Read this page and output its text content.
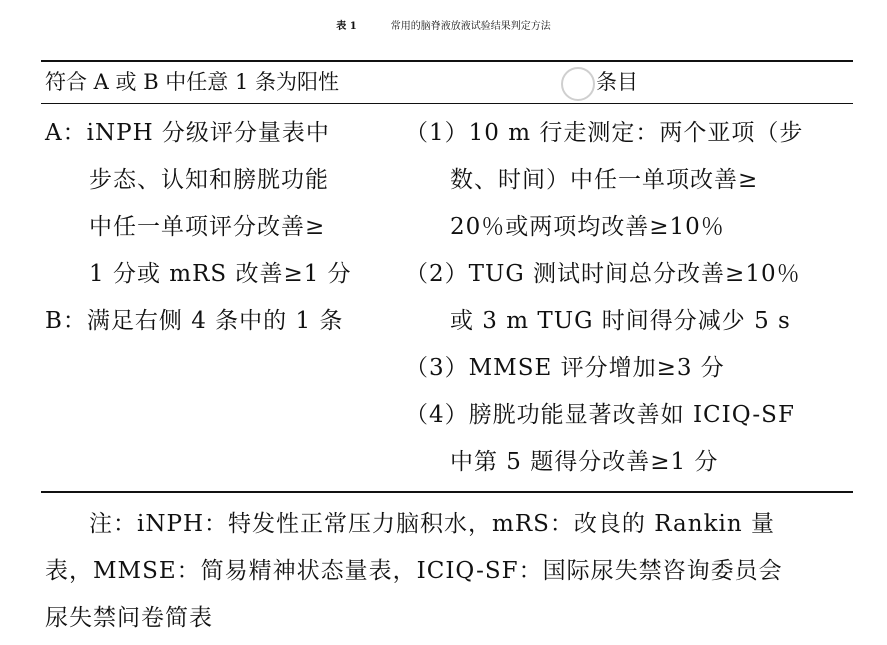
表 1	常用的脑脊液放液试验结果判定方法
符合 A 或 B 中任意 1 条为阳性	条目
A：iNPH 分级评分量表中
步态、认知和膀胱功能
中任一单项评分改善≥
1 分或 mRS 改善≥1 分
B：满足右侧 4 条中的 1 条
（1）10 m 行走测定：两个亚项（步
数、时间）中任一单项改善≥
20％或两项均改善≥10％
（2）TUG 测试时间总分改善≥10％
或 3 m TUG 时间得分减少 5 s
（3）MMSE 评分增加≥3 分
（4）膀胱功能显著改善如 ICIQ-SF
中第 5 题得分改善≥1 分
注：iNPH：特发性正常压力脑积水，mRS：改良的 Rankin 量
表，MMSE：简易精神状态量表，ICIQ-SF：国际尿失禁咨询委员会
尿失禁问卷简表
